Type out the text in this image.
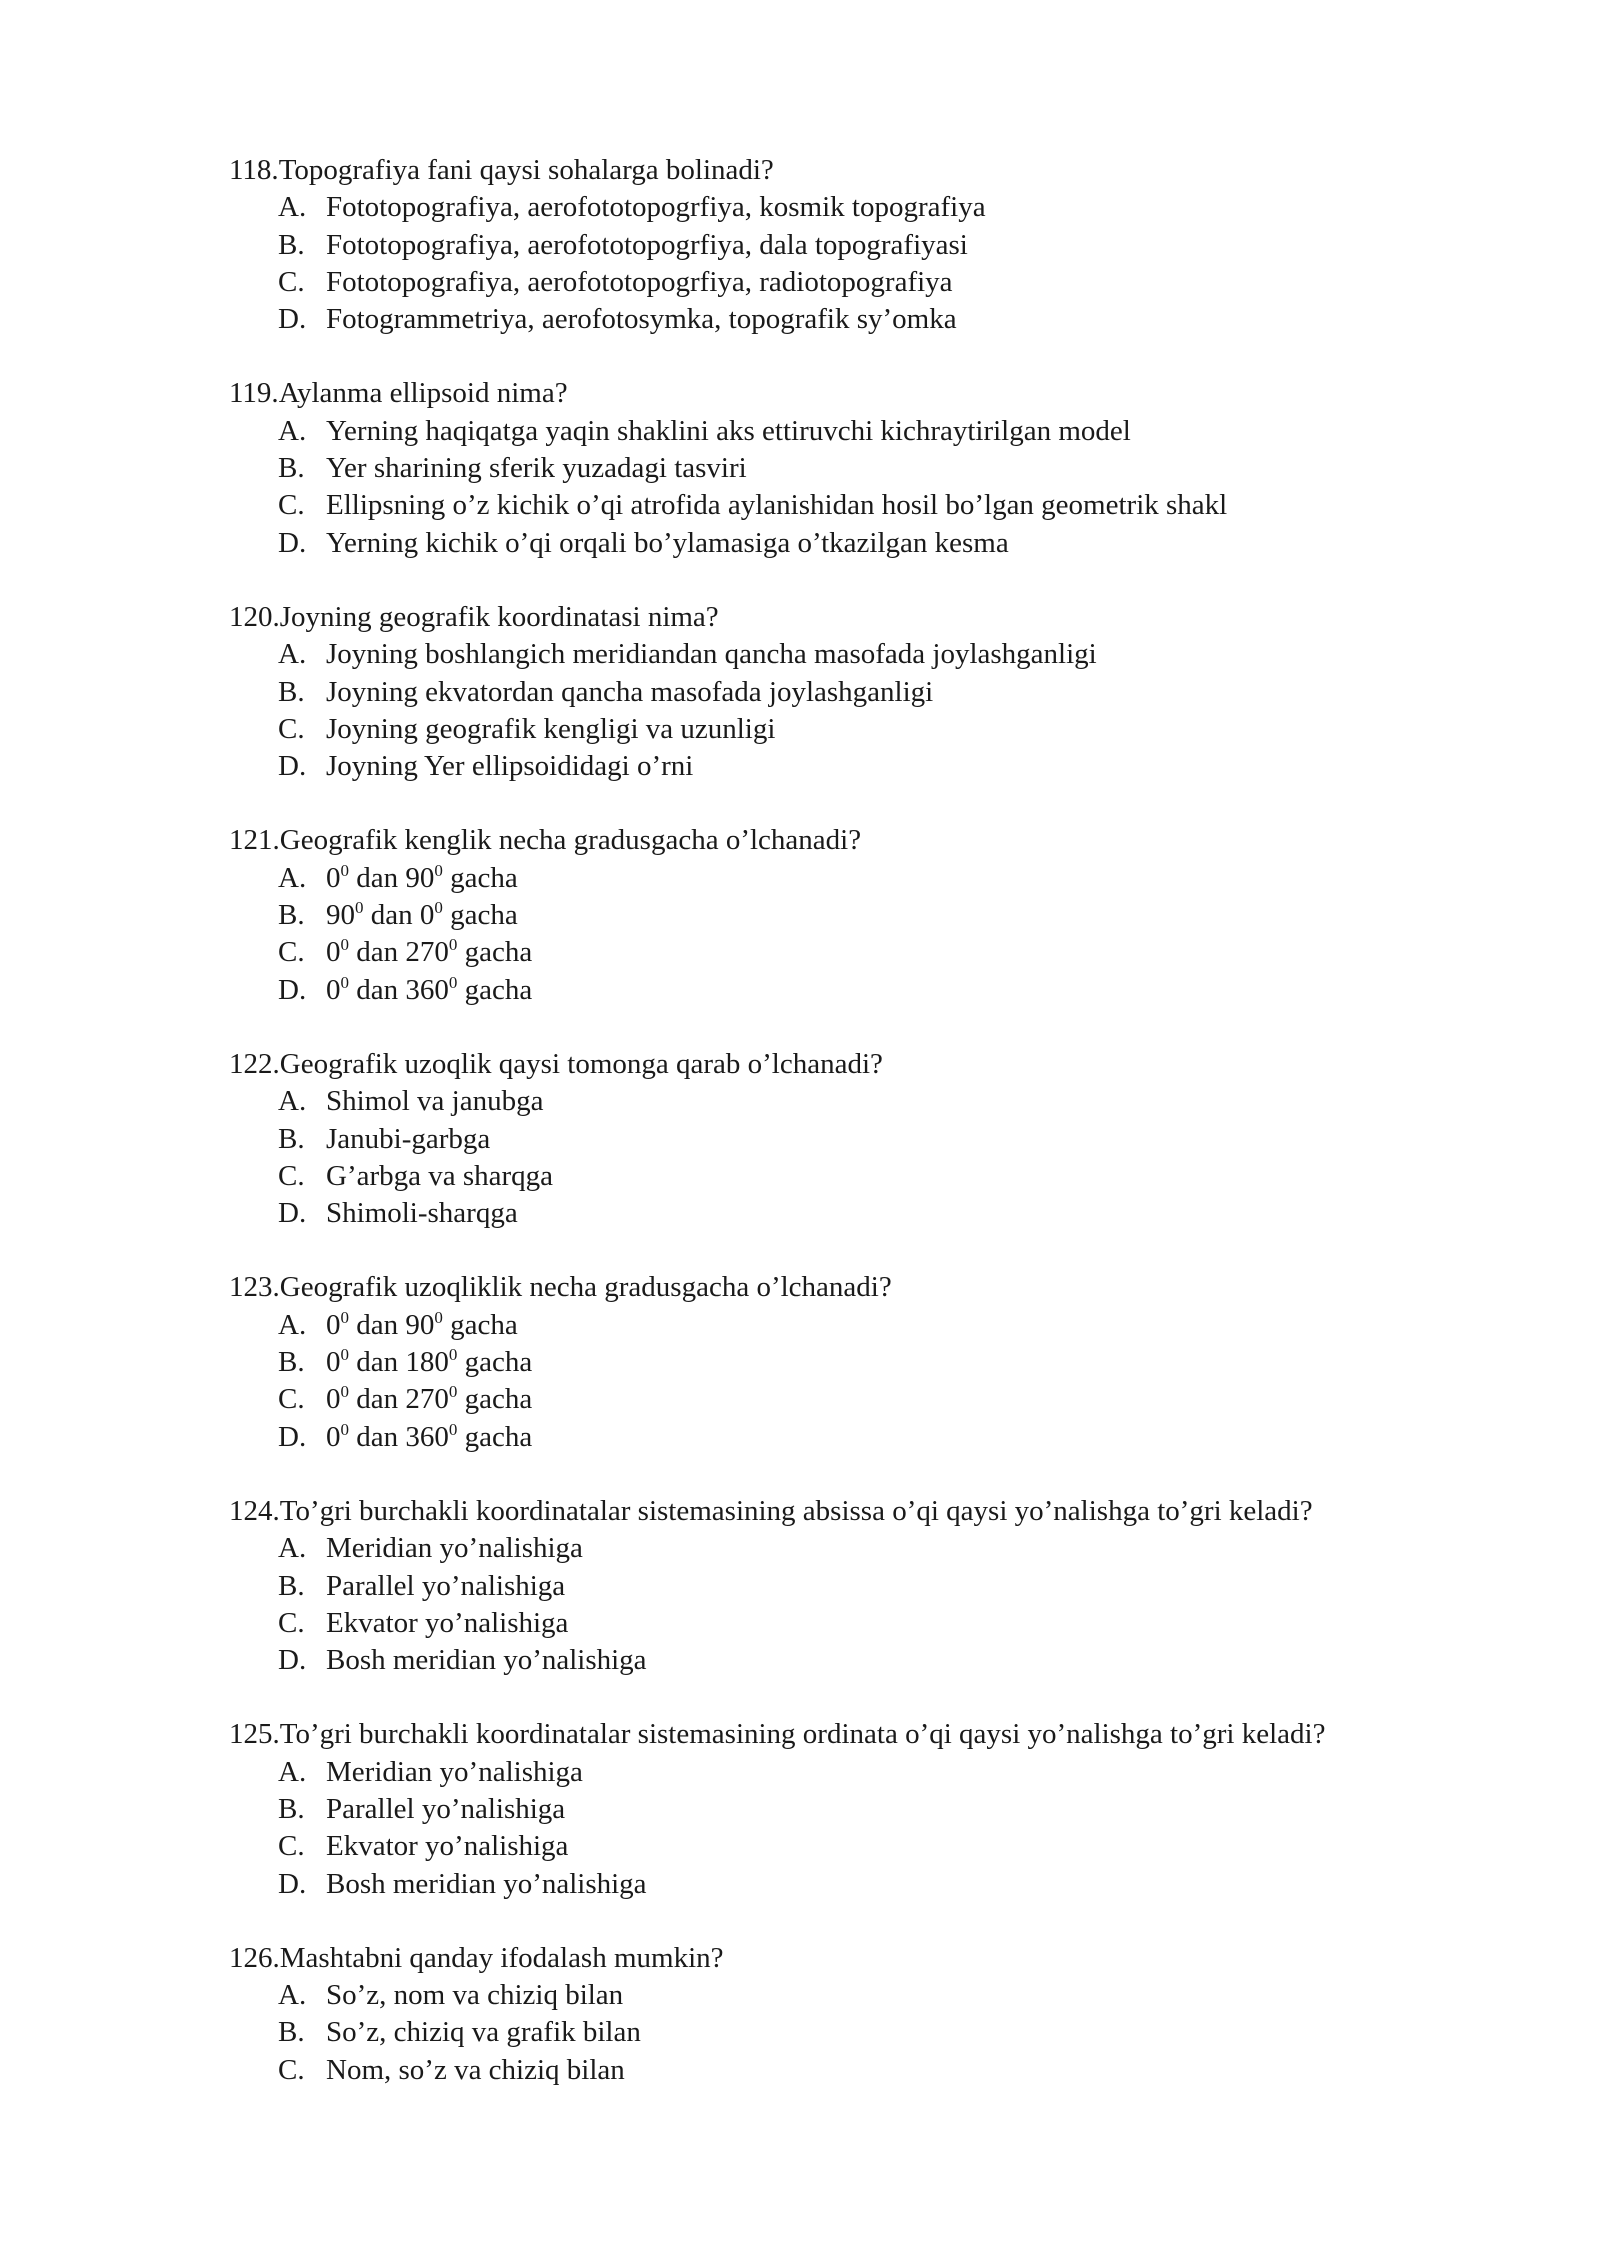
118.Topografiya fani qaysi sohalarga bolinadi?
A. Fototopografiya, aerofototopogrfiya, kosmik topografiya
B. Fototopografiya, aerofototopogrfiya, dala topografiyasi
C. Fototopografiya, aerofototopogrfiya, radiotopografiya
D. Fotogrammetriya, aerofotosymka, topografik sy’omka
119.Aylanma ellipsoid nima?
A. Yerning haqiqatga yaqin shaklini aks ettiruvchi kichraytirilgan model
B. Yer sharining sferik yuzadagi tasviri
C. Ellipsning o’z kichik o’qi atrofida aylanishidan hosil bo’lgan geometrik shakl
D. Yerning kichik o’qi orqali bo’ylamasiga o’tkazilgan kesma
120.Joyning geografik koordinatasi nima?
A. Joyning boshlangich meridiandan qancha masofada joylashganligi
B. Joyning ekvatordan qancha masofada joylashganligi
C. Joyning geografik kengligi va uzunligi
D. Joyning Yer ellipsoididagi o’rni
121.Geografik kenglik necha gradusgacha o’lchanadi?
A. $0^0$ dan $90^0$ gacha
B. $90^0$ dan $0^0$ gacha
C. $0^0$ dan $270^0$ gacha
D. $0^0$ dan $360^0$ gacha
122.Geografik uzoqlik qaysi tomonga qarab o’lchanadi?
A. Shimol va janubga
B. Janubi-garbga
C. G’arbga va sharqga
D. Shimoli-sharqga
123.Geografik uzoqliklik necha gradusgacha o’lchanadi?
A. $0^0$ dan $90^0$ gacha
B. $0^0$ dan $180^0$ gacha
C. $0^0$ dan $270^0$ gacha
D. $0^0$ dan $360^0$ gacha
124.To’gri burchakli koordinatalar sistemasining absissa o’qi qaysi yo’nalishga to’gri keladi?
A. Meridian yo’nalishiga
B. Parallel yo’nalishiga
C. Ekvator yo’nalishiga
D. Bosh meridian yo’nalishiga
125.To’gri burchakli koordinatalar sistemasining ordinata o’qi qaysi yo’nalishga to’gri keladi?
A. Meridian yo’nalishiga
B. Parallel yo’nalishiga
C. Ekvator yo’nalishiga
D. Bosh meridian yo’nalishiga
126.Mashtabni qanday ifodalash mumkin?
A. So’z, nom va chiziq bilan
B. So’z, chiziq va grafik bilan
C. Nom, so’z va chiziq bilan
